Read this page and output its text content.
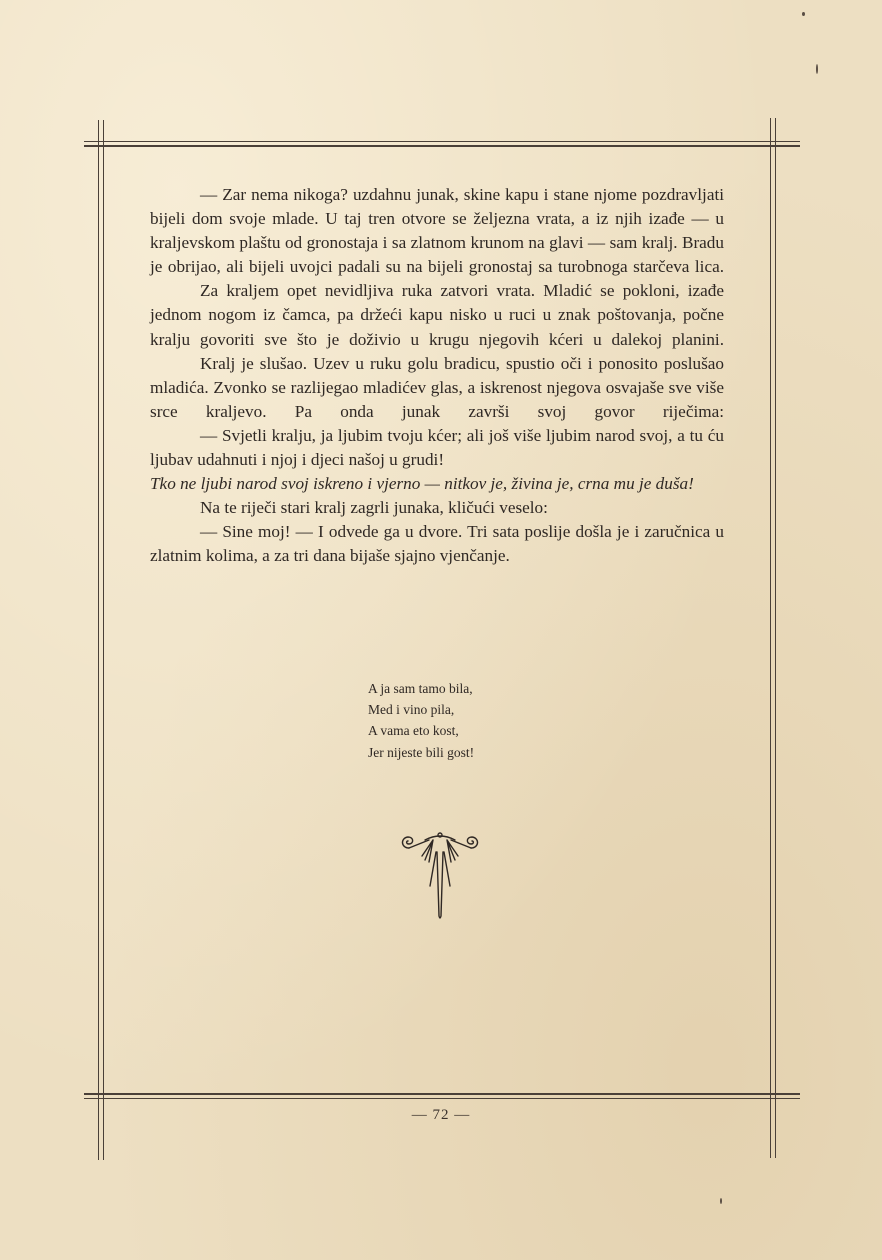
— Zar nema nikoga? uzdahnu junak, skine kapu i stane njome pozdravljati bijeli dom svoje mlade. U taj tren otvore se željezna vrata, a iz njih izađe — u kraljevskom plaštu od gronostaja i sa zlatnom krunom na glavi — sam kralj. Bradu je obrijao, ali bijeli uvojci padali su na bijeli gronostaj sa turobnoga starčeva lica.

Za kraljem opet nevidljiva ruka zatvori vrata. Mladić se pokloni, izađe jednom nogom iz čamca, pa držeći kapu nisko u ruci u znak poštovanja, počne kralju govoriti sve što je doživio u krugu njegovih kćeri u dalekoj planini.

Kralj je slušao. Uzev u ruku golu bradicu, spustio oči i ponosito poslušao mladića. Zvonko se razlijegao mladićev glas, a iskrenost njegova osvajaše sve više srce kraljevo. Pa onda junak završi svoj govor riječima:

— Svjetli kralju, ja ljubim tvoju kćer; ali još više ljubim narod svoj, a tu ću ljubav udahnuti i njoj i djeci našoj u grudi!

Tko ne ljubi narod svoj iskreno i vjerno — nitkov je, živina je, crna mu je duša!

Na te riječi stari kralj zagrli junaka, kličući veselo:

— Sine moj! — I odvede ga u dvore. Tri sata poslije došla je i zaručnica u zlatnim kolima, a za tri dana bijaše sjajno vjenčanje.

A ja sam tamo bila,
Med i vino pila,
A vama eto kost,
Jer nijeste bili gost!
— 72 —
